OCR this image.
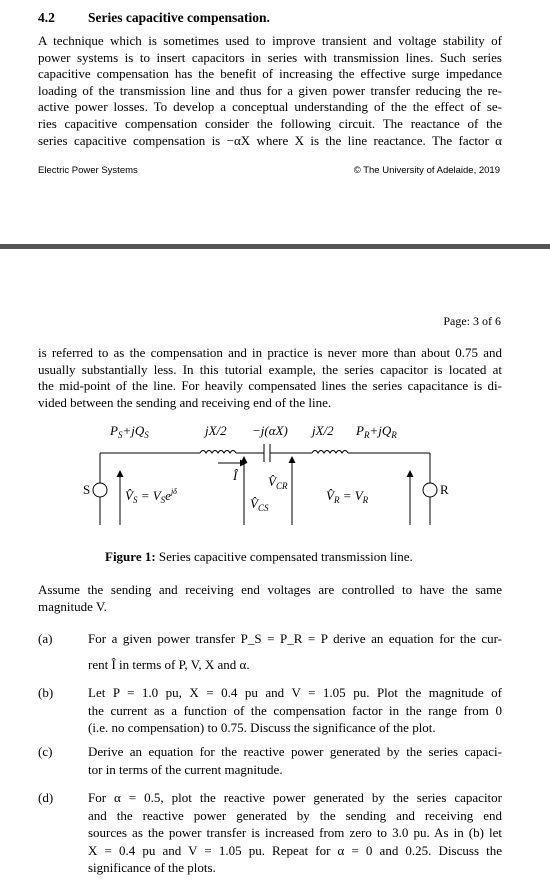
4.2 Series capacitive compensation.
A technique which is sometimes used to improve transient and voltage stability of
power systems is to insert capacitors in series with transmission lines. Such series
capacitive compensation has the benefit of increasing the effective surge impedance
loading of the transmission line and thus for a given power transfer reducing the re-
active power losses. To develop a conceptual understanding of the the effect of se-
ries capacitive compensation consider the following circuit. The reactance of the
series capacitive compensation is −αX where X is the line reactance. The factor α
Electric Power Systems	© The University of Adelaide, 2019
Page: 3 of 6
is referred to as the compensation and in practice is never more than about 0.75 and
usually substantially less. In this tutorial example, the series capacitor is located at
the mid-point of the line. For heavily compensated lines the series capacitance is di-
vided between the sending and receiving end of the line.
$P_S+jQ_S$	jX/2 −j(αX) jX/2 $P_R+jQ_R$
Î
S	R
$V̂_S = V_Se^{j\delta}$
$V̂_{CS}$
$V̂_{CR}$
$V̂_R = V_R$
Figure 1: Series capacitive compensated transmission line.
Assume the sending and receiving end voltages are controlled to have the same
magnitude V.
(a)	For a given power transfer P_S = P_R = P derive an equation for the cur-
rent Î in terms of P, V, X and α.
(b)	Let P = 1.0 pu, X = 0.4 pu and V = 1.05 pu. Plot the magnitude of
the current as a function of the compensation factor in the range from 0
(i.e. no compensation) to 0.75. Discuss the significance of the plot.
(c)	Derive an equation for the reactive power generated by the series capaci-
tor in terms of the current magnitude.
(d)	For α = 0.5, plot the reactive power generated by the series capacitor
and the reactive power generated by the sending and receiving end
sources as the power transfer is increased from zero to 3.0 pu. As in (b) let
X = 0.4 pu and V = 1.05 pu. Repeat for α = 0 and 0.25. Discuss the
significance of the plots.
